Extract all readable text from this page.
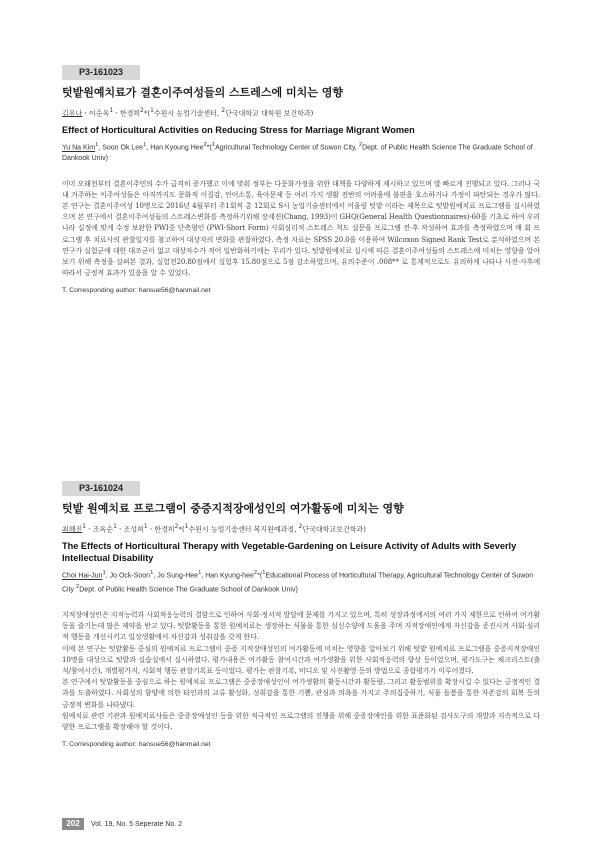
P3-161023
텃밭원예치료가 결혼이주여성들의 스트레스에 미치는 영향
김유나ㆍ이순옥$^1$ㆍ한경희$^2$*($^1$수원시 농업기술센터, $^2$단국대학교 대학원 보건학과)
Effect of Horticultural Activities on Reducing Stress for Marriage Migrant Women
Yu Na Kim$^1$, Soon Ok Lee$^1$, Han Kyoung Hee$^2$*($^1$Agricultural Technology Center of Suwon City, $^2$Dept. of Public Health Science The Graduate School of Dankook Univ)

이미 오래전부터 결혼이주민의 수가 급격히 증가했고 이에 맞춰 정부는 다문화가정을 위한 대책을 다양하게 제시하고 있으며 발 빠르게 진행되고 있다. 그러나 국내 거주하는 이주여성들은 아직까지도 문화적 이질감, 언어소통, 육아문제 등 여러 가지 생활 전반의 어려움에 불편을 호소하거나 가정이 파탄되는 경우가 많다. 본 연구는 결혼이주여성 10명으로 2016년 4월부터 주1회씩 총 12회로 S시 농업기술센터에서 어울림 텃밭 이라는 제목으로 텃밭원예치료 프로그램을 실시하였으며 본 연구에서 결혼이주여성들의 스트레스변화를 측정하기위해 장세진(Chang, 1993)이 GHQ(General Health Questionnaires)-60을 기초로 하여 우리나라 실정에 맞게 수정 보완한 PWI중 단축형인 (PWI-Short Form) 사회심리적 스트레스 척도 설문을 프로그램 전·후 작성하여 효과를 측정하였으며 매 회 프로그램 후 치료사의 관찰일지를 참고하여 대상자의 변화를 관찰하였다. 측정 자료는 SPSS 20.0을 이용하여 Wilcoxon Signed Rank Test로 분석하였으며 본 연구가 실험군에 대한 대조군이 없고 대상자수가 적어 일반화하기에는 무리가 있다. 텃밭원예치료 실시에 따른 결혼이주여성들의 스트레스에 미치는 영향을 알아보기 위해 측정을 살펴본 결과, 실험전20.80점에서 실험후 15.80점으로 5점 감소하였으며, 유의수준이 .008** 로 통계적으로도 유의하게 나타나 사전·사후에 따라서 긍정적 효과가 있음을 알 수 있었다.

T. Corresponding author: hansue56@hanmail.net
P3-161024
텃밭 원예치료 프로그램이 중증지적장애성인의 여가활동에 미치는 영향
최해진$^1$ㆍ조옥순$^1$ㆍ조성희$^1$ㆍ한경희$^2$*($^1$수원시 농업기술센터 복지원예과정, $^2$단국대학교보건학과)
The Effects of Horticultural Therapy with Vegetable-Gardening on Leisure Activity of Adults with Severly Intellectual Disability
Choi Hai-Jun$^1$, Jo Ock-Soon$^1$, Jo Sung-Hee$^1$, Han Kyung-hee$^2$*($^1$Educational Process of Horticultural Therapy, Agricultural Technology Center of Suwon City $^2$Dept. of Public Health Science The Graduate School of Dankook Univ)

지적장애성인은 지적능력과 사회적응능력의 결함으로 인하여 사회·정서적 발달에 문제를 가지고 있으며, 특히 성장과정에서의 여러 가지 제한으로 인하여 여가활동을 즐기는데 많은 제약을 받고 있다. 텃밭활동을 통한 원예치료는 생장하는 식물을 통한 심신수양에 도움을 주며 지적장애인에게 자신감을 증진시켜 사회·심리적 행동을 개선시키고 일상생활에서 자신감과 성취감을 갖게 한다.

이에 본 연구는 텃밭활동 중심의 원예치료 프로그램이 중증 지적장애성인의 여가활동에 미치는 영향을 알아보기 위해 텃밭 원예치료 프로그램을 중증지적장애인 10명을 대상으로 텃밭과 실습실에서 실시하였다. 평가내용은 여가활동 참여시간과 여가생활을 위한 사회적응력의 향상 등이었으며, 평가도구는 체크리스트(출석/참여시간), 개별평가지, 사회적 행동 관찰기록표 등이었다. 평가는 관찰기록, 비디오 및 사진촬영 등의 방법으로 종합평가가 이루어졌다.

본 연구에서 텃밭활동을 중심으로 하는 원예치료 프로그램은 중증장애성인이 여가생활의 활동시간과 활동량, 그리고 활동범위를 확장시킬 수 있다는 긍정적인 결과를 도출하였다. 사회성의 함양에 의한 타인과의 교류 활성화, 성취감을 통한 기쁨, 관심과 의욕을 가지고 주의집중하기, 식물 돌봄을 통한 자존감의 회복 등의 긍정적 변화를 나타냈다.

원예치료 관련 기관과 원예치료사들은 중증장애성인 등을 위한 적극적인 프로그램의 진행을 위해 중증장애인을 위한 표준화된 검사도구의 개발과 지속적으로 다양한 프로그램을 확장해야 할 것이다.

T. Corresponding author: hansue56@hanmail.net
202	Vol. 19, No. 5 Seperate No. 2
